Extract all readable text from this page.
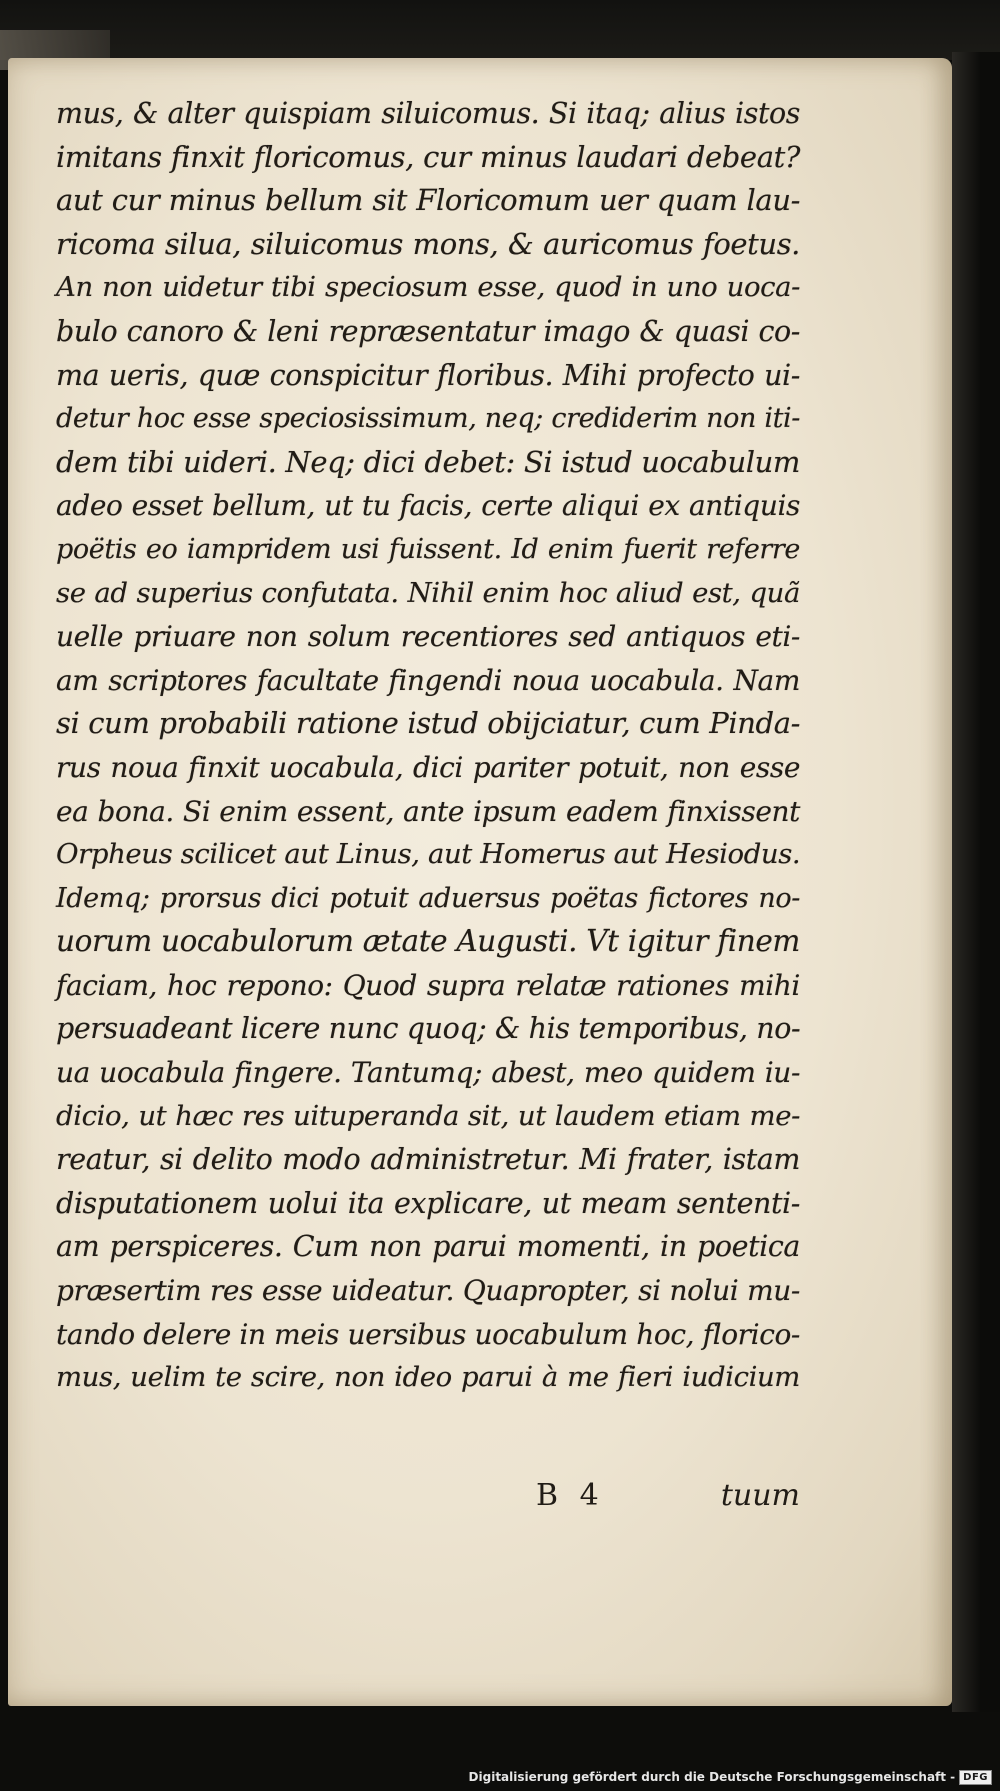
mus, & alter quispiam siluicomus. Si itaq; alius istos
imitans finxit floricomus, cur minus laudari debeat?
aut cur minus bellum sit Floricomum uer quam lau-
ricoma silua, siluicomus mons, & auricomus foetus.
An non uidetur tibi speciosum esse, quod in uno uoca-
bulo canoro & leni repræsentatur imago & quasi co-
ma ueris, quæ conspicitur floribus. Mihi profecto ui-
detur hoc esse speciosissimum, neq; crediderim non iti-
dem tibi uideri. Neq; dici debet: Si istud uocabulum
adeo esset bellum, ut tu facis, certe aliqui ex antiquis
poëtis eo iampridem usi fuissent. Id enim fuerit referre
se ad superius confutata. Nihil enim hoc aliud est, quã
uelle priuare non solum recentiores sed antiquos eti-
am scriptores facultate fingendi noua uocabula. Nam
si cum probabili ratione istud obijciatur, cum Pinda-
rus noua finxit uocabula, dici pariter potuit, non esse
ea bona. Si enim essent, ante ipsum eadem finxissent
Orpheus scilicet aut Linus, aut Homerus aut Hesiodus.
Idemq; prorsus dici potuit aduersus poëtas fictores no-
uorum uocabulorum ætate Augusti. Vt igitur finem
faciam, hoc repono: Quod supra relatæ rationes mihi
persuadeant licere nunc quoq; & his temporibus, no-
ua uocabula fingere. Tantumq; abest, meo quidem iu-
dicio, ut hæc res uituperanda sit, ut laudem etiam me-
reatur, si delito modo administretur. Mi frater, istam
disputationem uolui ita explicare, ut meam sententi-
am perspiceres. Cum non parui momenti, in poetica
præsertim res esse uideatur. Quapropter, si nolui mu-
tando delere in meis uersibus uocabulum hoc, florico-
mus, uelim te scire, non ideo parui à me fieri iudicium
B 4	tuum
Digitalisierung gefördert durch die Deutsche Forschungsgemeinschaft - DFG
